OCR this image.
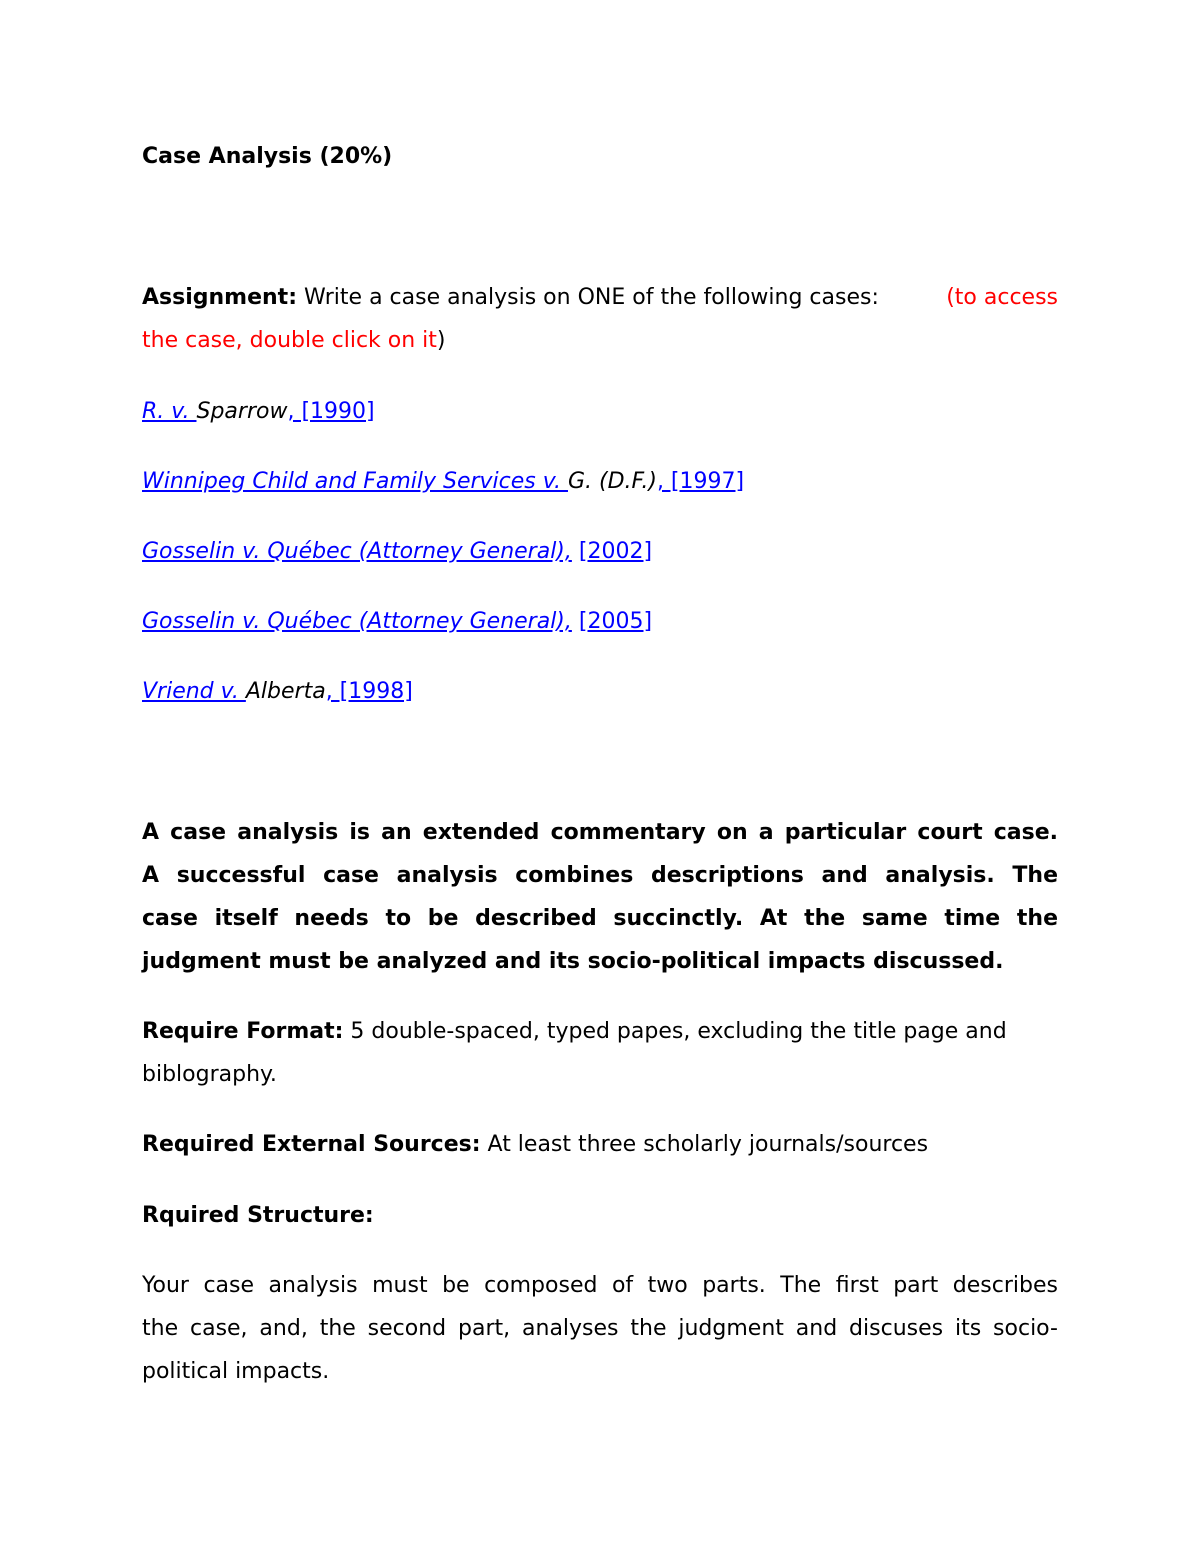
Case Analysis (20%)
Assignment: Write a case analysis on ONE of the following cases:	(to access
the case, double click on it)
R. v. Sparrow, [1990]
Winnipeg Child and Family Services v. G. (D.F.), [1997]
Gosselin v. Québec (Attorney General), [2002]
Gosselin v. Québec (Attorney General), [2005]
Vriend v. Alberta, [1998]
A case analysis is an extended commentary on a particular court case.
A successful case analysis combines descriptions and analysis. The
case itself needs to be described succinctly. At the same time the
judgment must be analyzed and its socio-political impacts discussed.
Require Format: 5 double-spaced, typed papes, excluding the title page and
biblography.
Required External Sources: At least three scholarly journals/sources
Rquired Structure:
Your case analysis must be composed of two parts. The first part describes
the case, and, the second part, analyses the judgment and discuses its socio-
political impacts.
